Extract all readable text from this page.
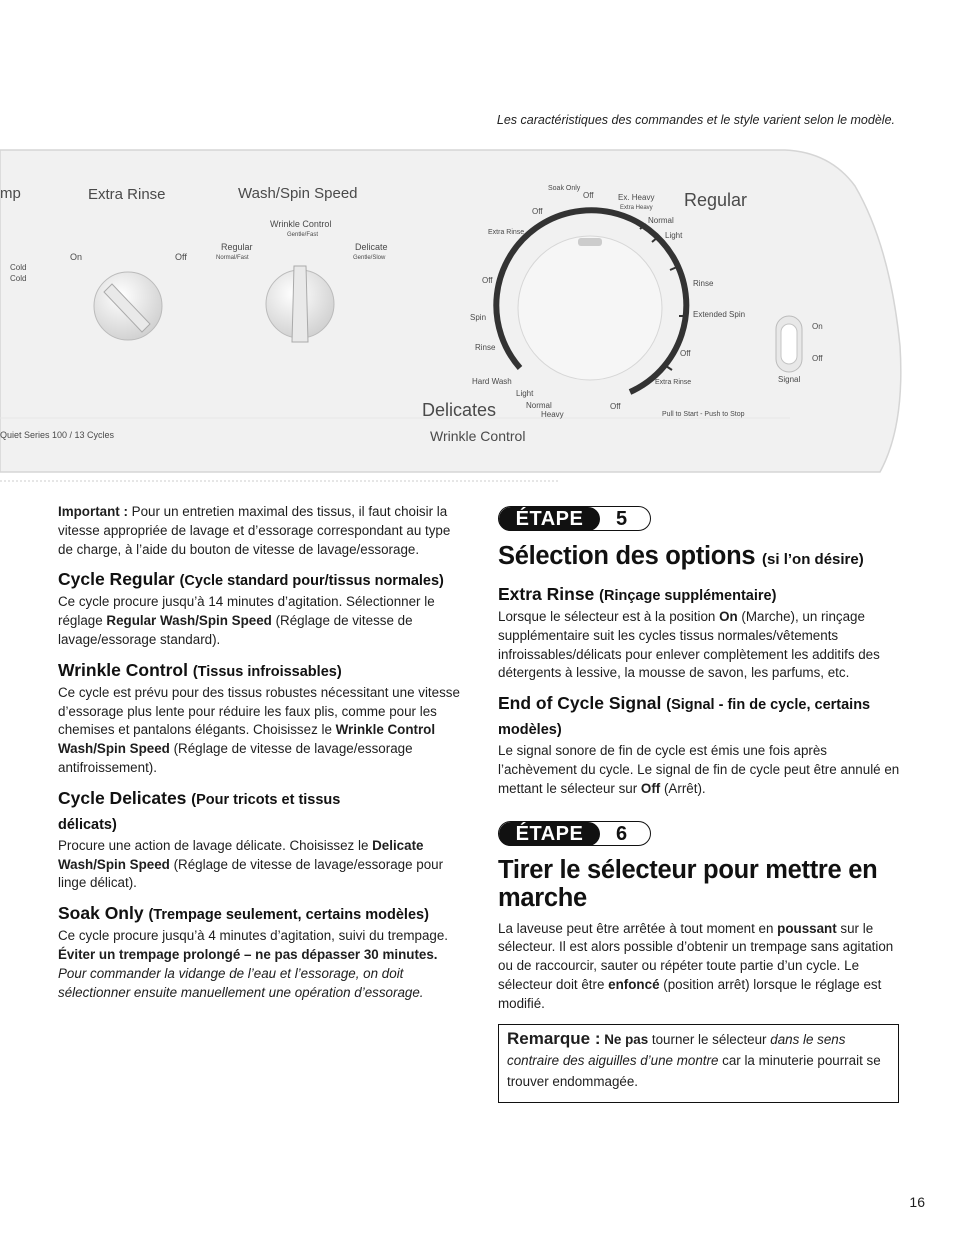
Les caractéristiques des commandes et le style varient selon le modèle.
mp
Cold
Cold
Extra Rinse
On	Off
Wash/Spin Speed
Wrinkle Control
Gentle/Fast
Regular
Normal/Fast
Delicate
Gentle/Slow
Regular
Soak Only
Off
Off
Extra Rinse
Off
Spin
Rinse
Hard Wash
Light
Normal
Heavy
Ex. Heavy
Extra Heavy
Normal
Light
Rinse
Extended Spin
Off
Extra Rinse
Off
Delicates
Wrinkle Control
Pull to Start - Push to Stop
Quiet Series 100 / 13 Cycles
On
Off
Signal

Important : Pour un entretien maximal des tissus, il faut choisir la vitesse appropriée de lavage et d’essorage correspondant au type de charge, à l’aide du bouton de vitesse de lavage/essorage.

Cycle Regular (Cycle standard pour/tissus normales)

Ce cycle procure jusqu’à 14 minutes d’agitation. Sélectionner le réglage Regular Wash/Spin Speed (Réglage de vitesse de lavage/essorage standard).

Wrinkle Control (Tissus infroissables)

Ce cycle est prévu pour des tissus robustes nécessitant une vitesse d’essorage plus lente pour réduire les faux plis, comme pour les chemises et pantalons élégants. Choisissez le Wrinkle Control Wash/Spin Speed (Réglage de vitesse de lavage/essorage antifroissement).

Cycle Delicates (Pour tricots et tissus délicats)

Procure une action de lavage délicate. Choisissez le Delicate Wash/Spin Speed (Réglage de vitesse de lavage/essorage pour linge délicat).

Soak Only (Trempage seulement, certains modèles)

Ce cycle procure jusqu’à 4 minutes d’agitation, suivi du trempage. Éviter un trempage prolongé – ne pas dépasser 30 minutes. Pour commander la vidange de l’eau et l’essorage, on doit sélectionner ensuite manuellement une opération d’essorage.

ÉTAPE	5
Sélection des options (si l’on désire)
Extra Rinse (Rinçage supplémentaire)

Lorsque le sélecteur est à la position On (Marche), un rinçage supplémentaire suit les cycles tissus normales/vêtements infroissables/délicats pour enlever complètement les additifs des détergents à lessive, la mousse de savon, les parfums, etc.

End of Cycle Signal (Signal - fin de cycle, certains modèles)

Le signal sonore de fin de cycle est émis une fois après l’achèvement du cycle. Le signal de fin de cycle peut être annulé en mettant le sélecteur sur Off (Arrêt).

ÉTAPE	6
Tirer le sélecteur pour mettre en marche

La laveuse peut être arrêtée à tout moment en poussant sur le sélecteur. Il est alors possible d’obtenir un trempage sans agitation ou de raccourcir, sauter ou répéter toute partie d’un cycle. Le sélecteur doit être enfoncé (position arrêt) lorsque le réglage est modifié.

Remarque : Ne pas tourner le sélecteur dans le sens contraire des aiguilles d’une montre car la minuterie pourrait se trouver endommagée.
16
